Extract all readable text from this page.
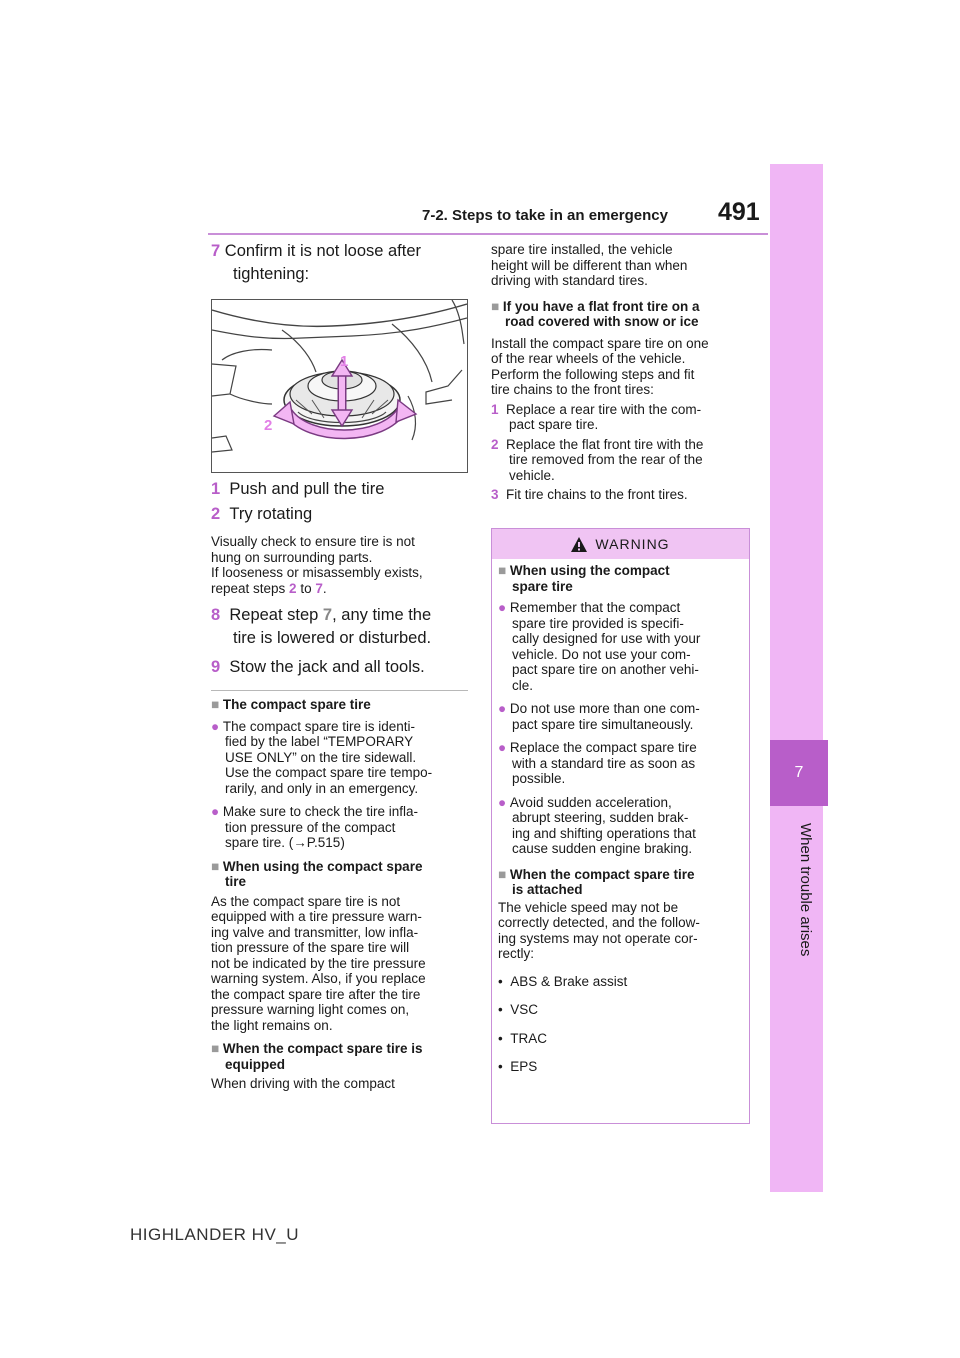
7-2. Steps to take in an emergency 491
7
When trouble arises
7 Confirm it is not loose after
tightening:
1
2
1 Push and pull the tire
2 Try rotating
Visually check to ensure tire is not
hung on surrounding parts.
If looseness or misassembly exists,
repeat steps 2 to 7.
8 Repeat step 7, any time the
tire is lowered or disturbed.
9 Stow the jack and all tools.
■ The compact spare tire
● The compact spare tire is identi-
fied by the label “TEMPORARY
USE ONLY” on the tire sidewall.
Use the compact spare tire tempo-
rarily, and only in an emergency.
● Make sure to check the tire infla-
tion pressure of the compact
spare tire. (→P.515)
■ When using the compact spare
tire
As the compact spare tire is not
equipped with a tire pressure warn-
ing valve and transmitter, low infla-
tion pressure of the spare tire will
not be indicated by the tire pressure
warning system. Also, if you replace
the compact spare tire after the tire
pressure warning light comes on,
the light remains on.
■ When the compact spare tire is
equipped
When driving with the compact
spare tire installed, the vehicle
height will be different than when
driving with standard tires.
■ If you have a flat front tire on a
road covered with snow or ice
Install the compact spare tire on one
of the rear wheels of the vehicle.
Perform the following steps and fit
tire chains to the front tires:
1 Replace a rear tire with the com-
pact spare tire.
2 Replace the flat front tire with the
tire removed from the rear of the
vehicle.
3 Fit tire chains to the front tires.
WARNING
■ When using the compact
spare tire
● Remember that the compact
spare tire provided is specifi-
cally designed for use with your
vehicle. Do not use your com-
pact spare tire on another vehi-
cle.
● Do not use more than one com-
pact spare tire simultaneously.
● Replace the compact spare tire
with a standard tire as soon as
possible.
● Avoid sudden acceleration,
abrupt steering, sudden brak-
ing and shifting operations that
cause sudden engine braking.
■ When the compact spare tire
is attached
The vehicle speed may not be
correctly detected, and the follow-
ing systems may not operate cor-
rectly:
• ABS & Brake assist
• VSC
• TRAC
• EPS
HIGHLANDER HV_U
